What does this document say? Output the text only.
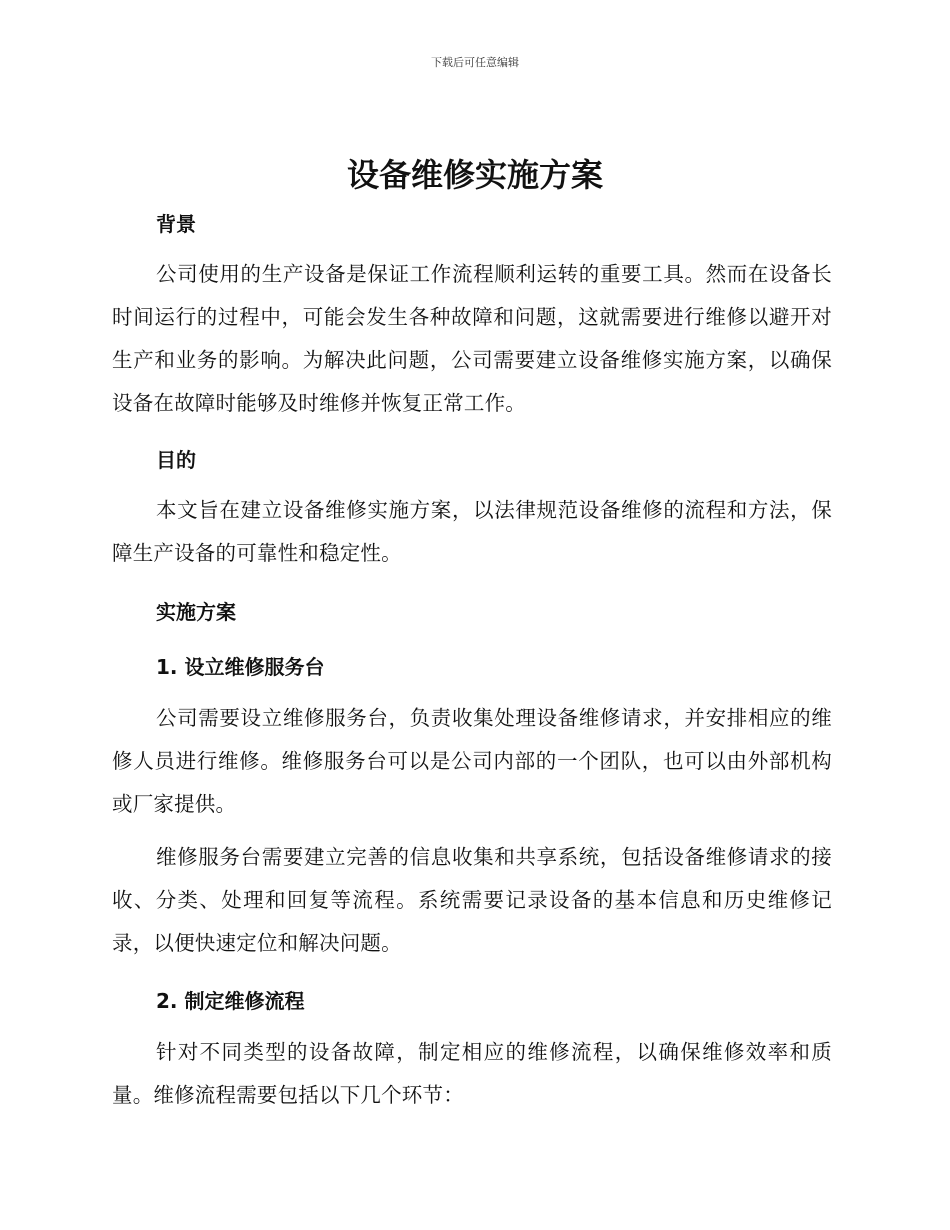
下载后可任意编辑
设备维修实施方案
背景
公司使用的生产设备是保证工作流程顺利运转的重要工具。然而在设备长时间运行的过程中，可能会发生各种故障和问题，这就需要进行维修以避开对生产和业务的影响。为解决此问题，公司需要建立设备维修实施方案，以确保设备在故障时能够及时维修并恢复正常工作。
目的
本文旨在建立设备维修实施方案，以法律规范设备维修的流程和方法，保障生产设备的可靠性和稳定性。
实施方案
1. 设立维修服务台
公司需要设立维修服务台，负责收集处理设备维修请求，并安排相应的维修人员进行维修。维修服务台可以是公司内部的一个团队，也可以由外部机构或厂家提供。
维修服务台需要建立完善的信息收集和共享系统，包括设备维修请求的接收、分类、处理和回复等流程。系统需要记录设备的基本信息和历史维修记录，以便快速定位和解决问题。
2. 制定维修流程
针对不同类型的设备故障，制定相应的维修流程，以确保维修效率和质量。维修流程需要包括以下几个环节：
